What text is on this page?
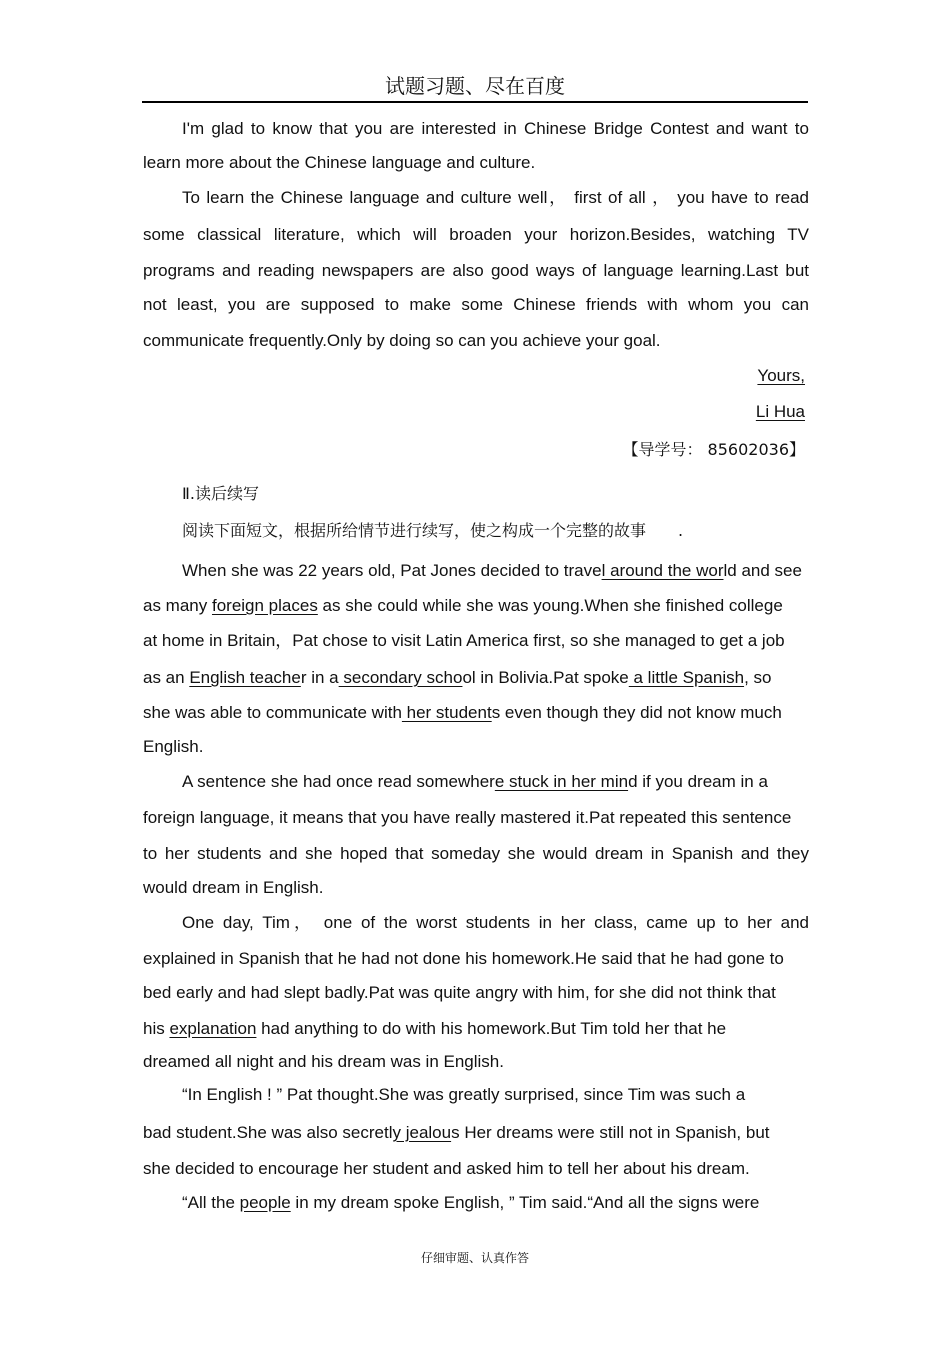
试题习题、尽在百度
I'm glad to know that you are interested in Chinese Bridge Contest and want to
learn more about the Chinese language and culture.
To learn the Chinese language and culture well， first of all ， you have to read
some classical literature, which will broaden your horizon.Besides, watching TV
programs and reading newspapers are also good ways of language learning.Last but
not least, you are supposed to make some Chinese friends with whom you can
communicate frequently.Only by doing so can you achieve your goal.
Yours,
Li Hua
【导学号： 85602036】
Ⅱ.读后续写
阅读下面短文，根据所给情节进行续写，使之构成一个完整的故事　　.
When she was 22 years old, Pat Jones decided to travel around the world and see
as many foreign places as she could while she was young.When she finished college
at home in Britain，Pat chose to visit Latin America first, so she managed to get a job
as an English teacher in a secondary school in Bolivia.Pat spoke a little Spanish, so
she was able to communicate with her students even though they did not know much
English.
A sentence she had once read somewhere stuck in her mind if you dream in a
foreign language, it means that you have really mastered it.Pat repeated this sentence
to her students and she hoped that someday she would dream in Spanish and they
would dream in English.
One day, Tim， one of the worst students in her class, came up to her and
explained in Spanish that he had not done his homework.He said that he had gone to
bed early and had slept badly.Pat was quite angry with him, for she did not think that
his explanation had anything to do with his homework.But Tim told her that he
dreamed all night and his dream was in English.
“In English ! ” Pat thought.She was greatly surprised, since Tim was such a
bad student.She was also secretly jealous Her dreams were still not in Spanish, but
she decided to encourage her student and asked him to tell her about his dream.
“All the people in my dream spoke English, ” Tim said.“And all the signs were
仔细审题、认真作答
